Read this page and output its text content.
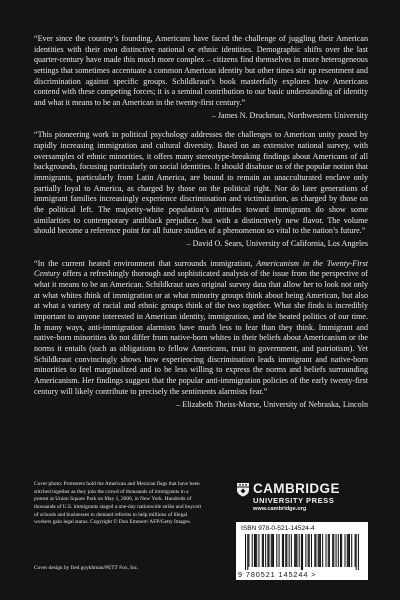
“Ever since the country’s founding, Americans have faced the challenge of juggling their American identities with their own distinctive national or ethnic identities. Demographic shifts over the last quarter-century have made this much more complex – citizens find themselves in more heterogeneous settings that sometimes accentuate a common American identity but other times stir up resentment and discrimination against specific groups. Schildkraut’s book masterfully explores how Americans contend with these competing forces; it is a seminal contribution to our basic understanding of identity and what it means to be an American in the twenty-first century.”

– James N. Druckman, Northwestern University

“This pioneering work in political psychology addresses the challenges to American unity posed by rapidly increasing immigration and cultural diversity. Based on an extensive national survey, with oversamples of ethnic minorities, it offers many stereotype-breaking findings about Americans of all backgrounds, focusing particularly on social identities. It should disabuse us of the popular notion that immigrants, particularly from Latin America, are bound to remain an unacculturated enclave only partially loyal to America, as charged by those on the political right. Nor do later generations of immigrant families increasingly experience discrimination and victimization, as charged by those on the political left. The majority-white population’s attitudes toward immigrants do show some similarities to contemporary antiblack prejudice, but with a distinctively new flavor. The volume should become a reference point for all future studies of a phenomenon so vital to the nation’s future.”

– David O. Sears, University of California, Los Angeles

“In the current heated environment that surrounds immigration, Americanism in the Twenty-First Century offers a refreshingly thorough and sophisticated analysis of the issue from the perspective of what it means to be an American. Schildkraut uses original survey data that allow her to look not only at what whites think of immigration or at what minority groups think about being American, but also at what a variety of racial and ethnic groups think of the two together. What she finds is incredibly important to anyone interested in American identity, immigration, and the heated politics of our time. In many ways, anti-immigration alarmists have much less to fear than they think. Immigrant and native-born minorities do not differ from native-born whites in their beliefs about Americanism or the norms it entails (such as obligations to fellow Americans, trust in government, and patriotism). Yet Schildkraut convincingly shows how experiencing discrimination leads immigrant and native-born minorities to feel marginalized and to be less willing to express the norms and beliefs surrounding Americanism. Her findings suggest that the popular anti-immigration policies of the early twenty-first century will likely contribute to precisely the sentiments alarmists fear.”

– Elizabeth Theiss-Morse, University of Nebraska, Lincoln
Cover photo: Protesters hold the American and Mexican flags that have been stitched together as they join the crowd of thousands of immigrants in a protest at Union Square Park on May 1, 2006, in New York. Hundreds of thousands of U.S. immigrants staged a one-day nationwide strike and boycott of schools and businesses to demand reforms to help millions of illegal workers gain legal status. Copyright © Don Emmert/ AFP/Getty Images.
Cover design by fred goykhman/PETT Fox, Inc.
CAMBRIDGE
UNIVERSITY PRESS
www.cambridge.org
ISBN 978-0-521-14524-4
9 780521 145244 >
